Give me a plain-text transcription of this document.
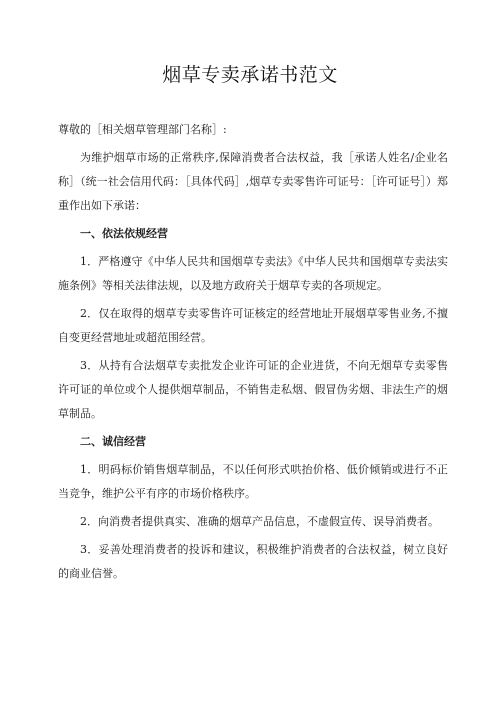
烟草专卖承诺书范文

尊敬的［相关烟草管理部门名称］:

为维护烟草市场的正常秩序,保障消费者合法权益，我［承诺人姓名/企业名称］（统一社会信用代码：［具体代码］,烟草专卖零售许可证号：［许可证号］）郑重作出如下承诺：

一、依法依规经营

1．严格遵守《中华人民共和国烟草专卖法》《中华人民共和国烟草专卖法实施条例》等相关法律法规，以及地方政府关于烟草专卖的各项规定。

2．仅在取得的烟草专卖零售许可证核定的经营地址开展烟草零售业务,不擅自变更经营地址或超范围经营。

3．从持有合法烟草专卖批发企业许可证的企业进货，不向无烟草专卖零售许可证的单位或个人提供烟草制品，不销售走私烟、假冒伪劣烟、非法生产的烟草制品。

二、诚信经营

1．明码标价销售烟草制品，不以任何形式哄抬价格、低价倾销或进行不正当竞争，维护公平有序的市场价格秩序。

2．向消费者提供真实、准确的烟草产品信息，不虚假宣传、误导消费者。

3．妥善处理消费者的投诉和建议，积极维护消费者的合法权益，树立良好的商业信誉。
